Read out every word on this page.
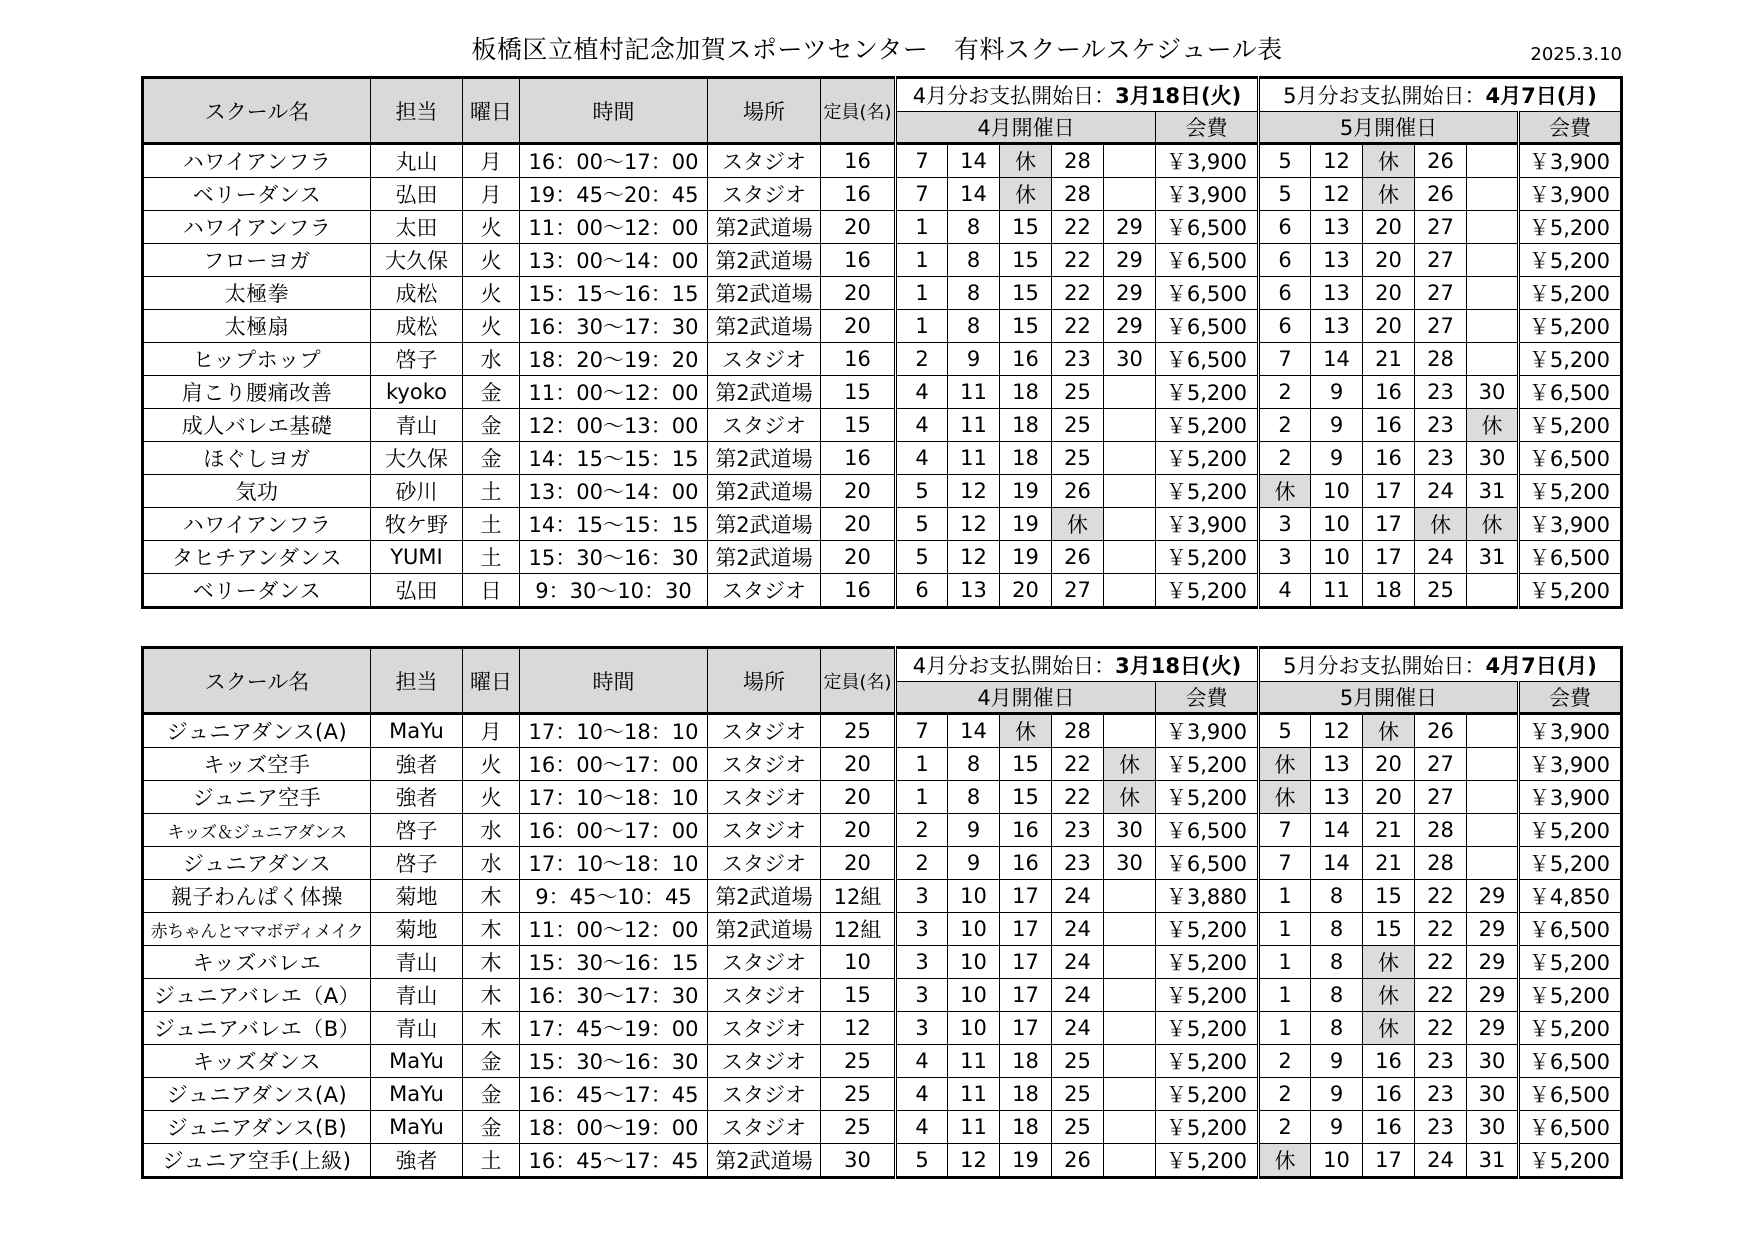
板橋区立植村記念加賀スポーツセンター　有料スクールスケジュール表	2025.3.10
スクール名	担当	曜日	時間	場所	定員(名)	4月分お支払開始日：3月18日(火)						5月分お支払開始日：4月7日(月)					
						4月開催日					会費	5月開催日					会費
ハワイアンフラ	丸山	月	16：00～17：00	スタジオ	16	7	14	休	28		￥3,900	5	12	休	26		￥3,900
ベリーダンス	弘田	月	19：45～20：45	スタジオ	16	7	14	休	28		￥3,900	5	12	休	26		￥3,900
ハワイアンフラ	太田	火	11：00～12：00	第2武道場	20	1	8	15	22	29	￥6,500	6	13	20	27		￥5,200
フローヨガ	大久保	火	13：00～14：00	第2武道場	16	1	8	15	22	29	￥6,500	6	13	20	27		￥5,200
太極拳	成松	火	15：15～16：15	第2武道場	20	1	8	15	22	29	￥6,500	6	13	20	27		￥5,200
太極扇	成松	火	16：30～17：30	第2武道場	20	1	8	15	22	29	￥6,500	6	13	20	27		￥5,200
ヒップホップ	啓子	水	18：20～19：20	スタジオ	16	2	9	16	23	30	￥6,500	7	14	21	28		￥5,200
肩こり腰痛改善	kyoko	金	11：00～12：00	第2武道場	15	4	11	18	25		￥5,200	2	9	16	23	30	￥6,500
成人バレエ基礎	青山	金	12：00～13：00	スタジオ	15	4	11	18	25		￥5,200	2	9	16	23	休	￥5,200
ほぐしヨガ	大久保	金	14：15～15：15	第2武道場	16	4	11	18	25		￥5,200	2	9	16	23	30	￥6,500
気功	砂川	土	13：00～14：00	第2武道場	20	5	12	19	26		￥5,200	休	10	17	24	31	￥5,200
ハワイアンフラ	牧ケ野	土	14：15～15：15	第2武道場	20	5	12	19	休		￥3,900	3	10	17	休	休	￥3,900
タヒチアンダンス	YUMI	土	15：30～16：30	第2武道場	20	5	12	19	26		￥5,200	3	10	17	24	31	￥6,500
ベリーダンス	弘田	日	9：30～10：30	スタジオ	16	6	13	20	27		￥5,200	4	11	18	25		￥5,200
スクール名	担当	曜日	時間	場所	定員(名)	4月分お支払開始日：3月18日(火)						5月分お支払開始日：4月7日(月)					
						4月開催日					会費	5月開催日					会費
ジュニアダンス(A)	MaYu	月	17：10～18：10	スタジオ	25	7	14	休	28		￥3,900	5	12	休	26		￥3,900
キッズ空手	強者	火	16：00～17：00	スタジオ	20	1	8	15	22	休	￥5,200	休	13	20	27		￥3,900
ジュニア空手	強者	火	17：10～18：10	スタジオ	20	1	8	15	22	休	￥5,200	休	13	20	27		￥3,900
キッズ＆ジュニアダンス	啓子	水	16：00～17：00	スタジオ	20	2	9	16	23	30	￥6,500	7	14	21	28		￥5,200
ジュニアダンス	啓子	水	17：10～18：10	スタジオ	20	2	9	16	23	30	￥6,500	7	14	21	28		￥5,200
親子わんぱく体操	菊地	木	9：45～10：45	第2武道場	12組	3	10	17	24		￥3,880	1	8	15	22	29	￥4,850
赤ちゃんとママボディメイク	菊地	木	11：00～12：00	第2武道場	12組	3	10	17	24		￥5,200	1	8	15	22	29	￥6,500
キッズバレエ	青山	木	15：30～16：15	スタジオ	10	3	10	17	24		￥5,200	1	8	休	22	29	￥5,200
ジュニアバレエ（A）	青山	木	16：30～17：30	スタジオ	15	3	10	17	24		￥5,200	1	8	休	22	29	￥5,200
ジュニアバレエ（B）	青山	木	17：45～19：00	スタジオ	12	3	10	17	24		￥5,200	1	8	休	22	29	￥5,200
キッズダンス	MaYu	金	15：30～16：30	スタジオ	25	4	11	18	25		￥5,200	2	9	16	23	30	￥6,500
ジュニアダンス(A)	MaYu	金	16：45～17：45	スタジオ	25	4	11	18	25		￥5,200	2	9	16	23	30	￥6,500
ジュニアダンス(B)	MaYu	金	18：00～19：00	スタジオ	25	4	11	18	25		￥5,200	2	9	16	23	30	￥6,500
ジュニア空手(上級)	強者	土	16：45～17：45	第2武道場	30	5	12	19	26		￥5,200	休	10	17	24	31	￥5,200
